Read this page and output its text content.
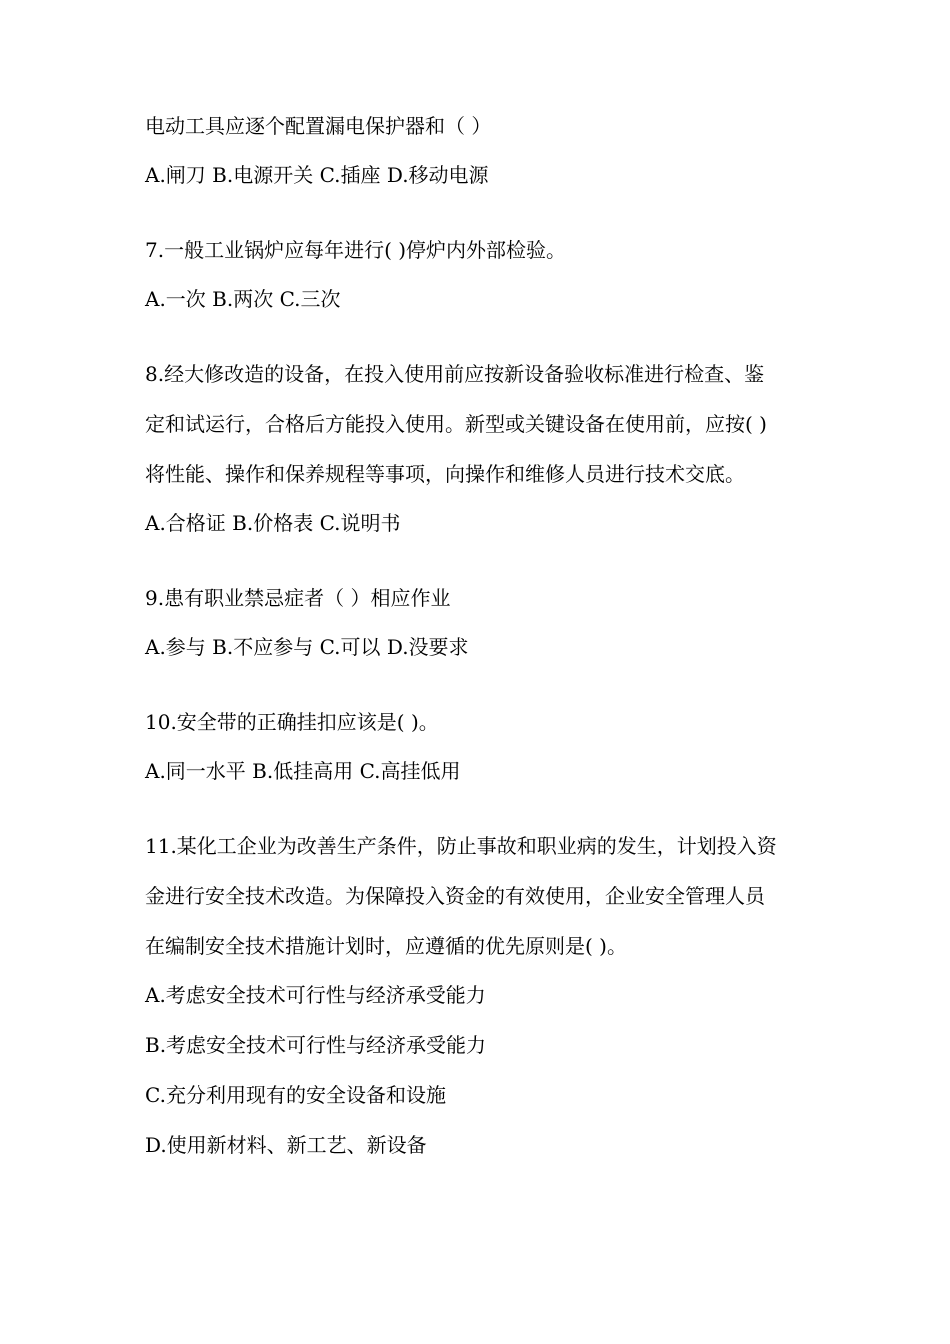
电动工具应逐个配置漏电保护器和（ ）

A.闸刀 B.电源开关 C.插座 D.移动电源

7.一般工业锅炉应每年进行( )停炉内外部检验。

A.一次 B.两次 C.三次

8.经大修改造的设备，在投入使用前应按新设备验收标准进行检查、鉴

定和试运行，合格后方能投入使用。新型或关键设备在使用前，应按( )

将性能、操作和保养规程等事项，向操作和维修人员进行技术交底。

A.合格证 B.价格表 C.说明书

9.患有职业禁忌症者（ ）相应作业

A.参与 B.不应参与 C.可以 D.没要求

10.安全带的正确挂扣应该是( )。

A.同一水平 B.低挂高用 C.高挂低用

11.某化工企业为改善生产条件，防止事故和职业病的发生，计划投入资

金进行安全技术改造。为保障投入资金的有效使用，企业安全管理人员

在编制安全技术措施计划时，应遵循的优先原则是( )。

A.考虑安全技术可行性与经济承受能力

B.考虑安全技术可行性与经济承受能力

C.充分利用现有的安全设备和设施

D.使用新材料、新工艺、新设备
